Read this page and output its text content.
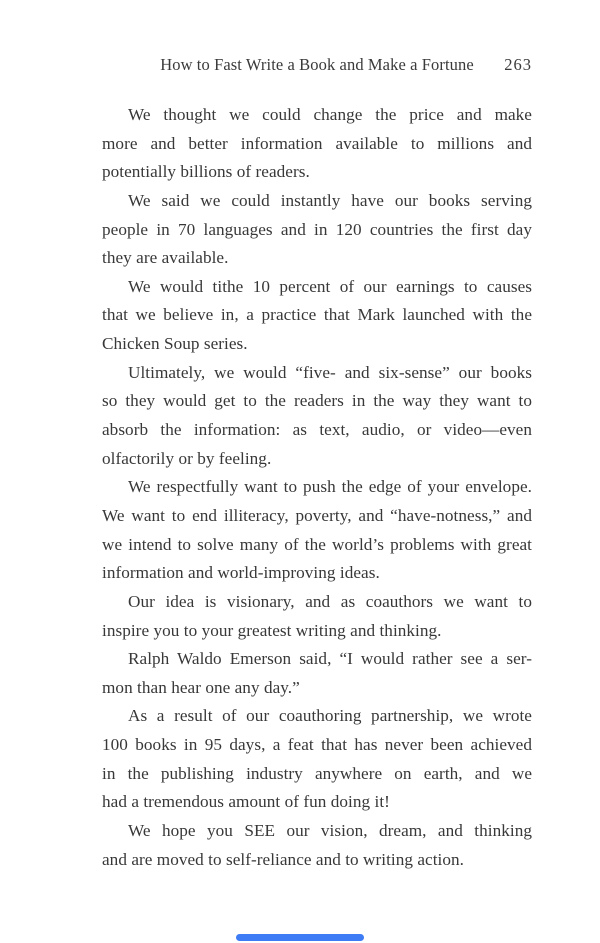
How to Fast Write a Book and Make a Fortune	263
We thought we could change the price and make
more and better information available to millions and
potentially billions of readers.
We said we could instantly have our books serving
people in 70 languages and in 120 countries the first day
they are available.
We would tithe 10 percent of our earnings to causes
that we believe in, a practice that Mark launched with the
Chicken Soup series.
Ultimately, we would “five- and six-sense” our books
so they would get to the readers in the way they want to
absorb the information: as text, audio, or video—even
olfactorily or by feeling.
We respectfully want to push the edge of your envelope.
We want to end illiteracy, poverty, and “have-notness,” and
we intend to solve many of the world’s problems with great
information and world-improving ideas.
Our idea is visionary, and as coauthors we want to
inspire you to your greatest writing and thinking.
Ralph Waldo Emerson said, “I would rather see a ser-
mon than hear one any day.”
As a result of our coauthoring partnership, we wrote
100 books in 95 days, a feat that has never been achieved
in the publishing industry anywhere on earth, and we
had a tremendous amount of fun doing it!
We hope you SEE our vision, dream, and thinking
and are moved to self-reliance and to writing action.
